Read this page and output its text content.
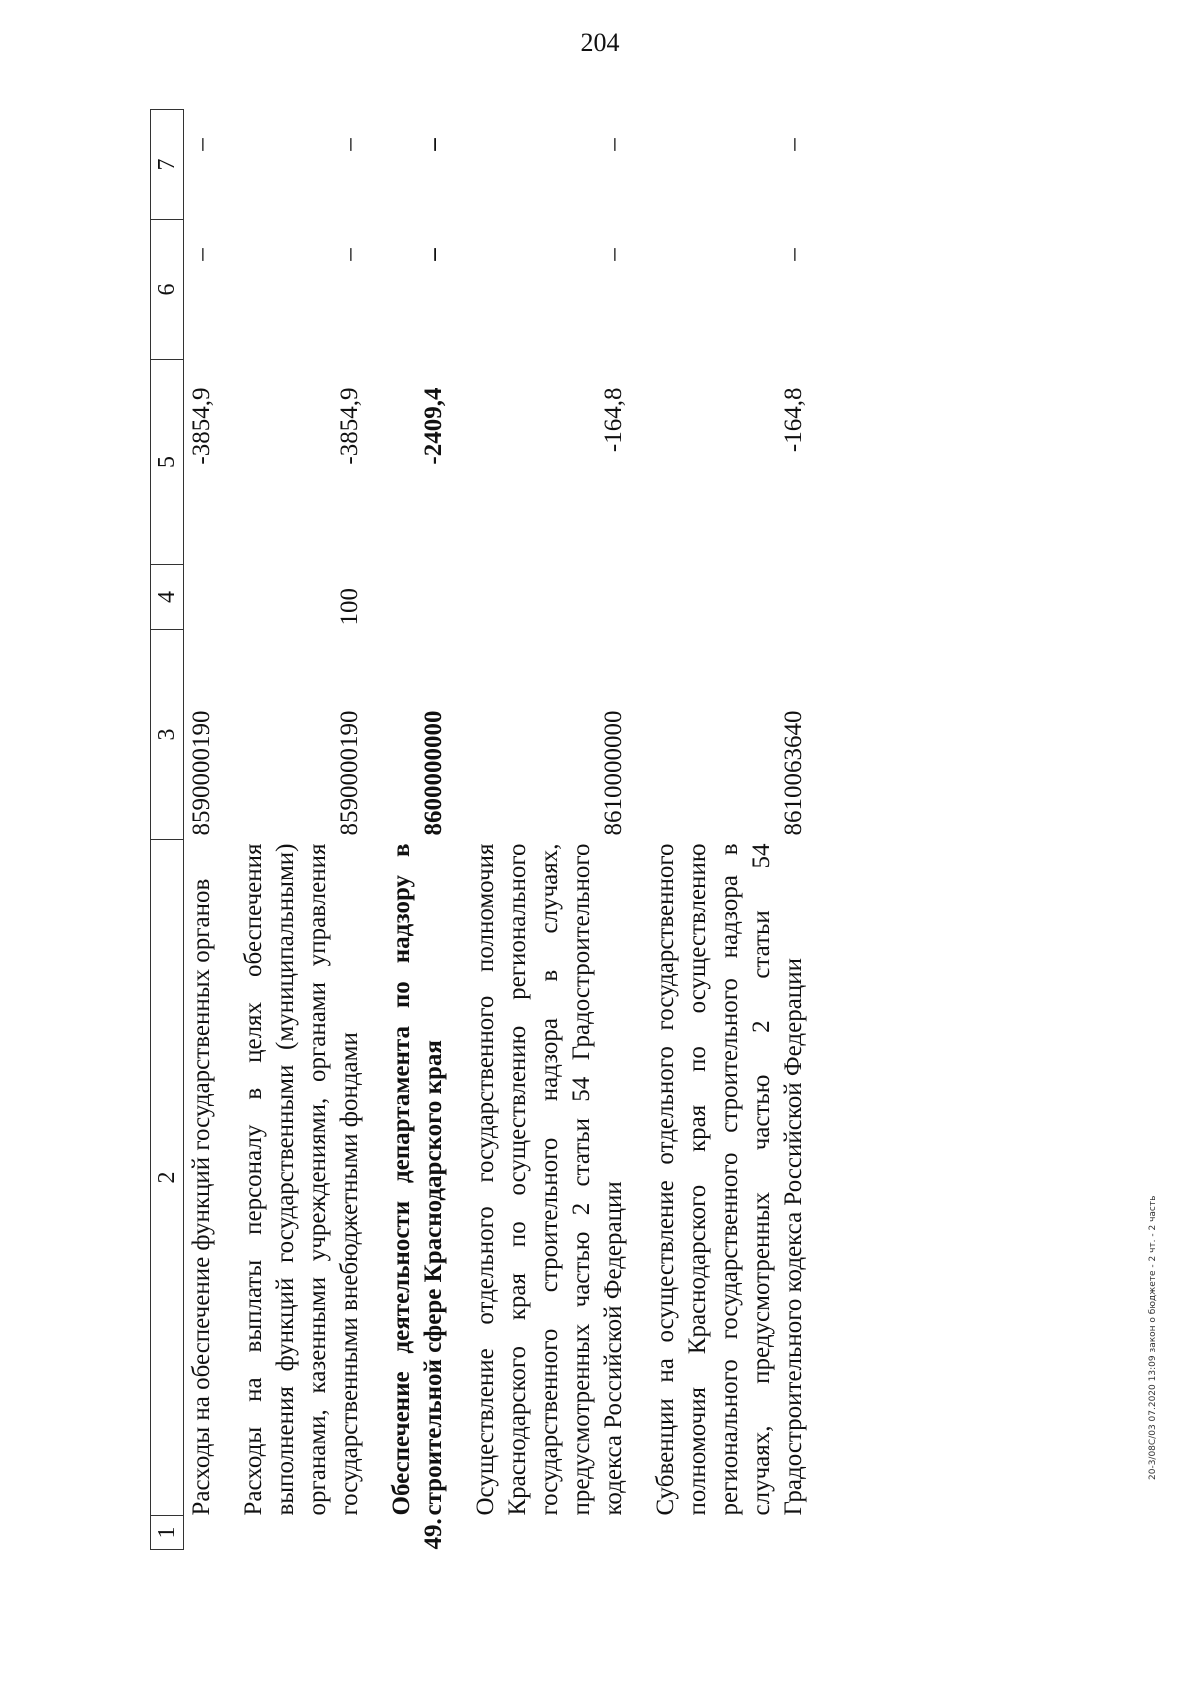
204
1	2	3	4	5	6	7
	Расходы на обеспечение функций государственных органов	8590000190		-3854,9	–	–
	Расходы на выплаты персоналу в целях обеспечения выполнения функций государственными (муниципальными) органами, казенными учреждениями, органами управления государственными внебюджетными фондами	8590000190	100	-3854,9	–	–
49.	Обеспечение деятельности департамента по надзору в строительной сфере Краснодарского края	8600000000		-2409,4	–	–
	Осуществление отдельного государственного полномочия Краснодарского края по осуществлению регионального государственного строительного надзора в случаях, предусмотренных частью 2 статьи 54 Градостроительного кодекса Российской Федерации	8610000000		-164,8	–	–
	Субвенции на осуществление отдельного государственного полномочия Краснодарского края по осуществлению регионального государственного строительного надзора в случаях, предусмотренных частью 2 статьи 54 Градостроительного кодекса Российской Федерации	8610063640		-164,8	–	–
20-3/08С/03 07.2020 13:09 закон о бюджете - 2 чт. - 2 часть
